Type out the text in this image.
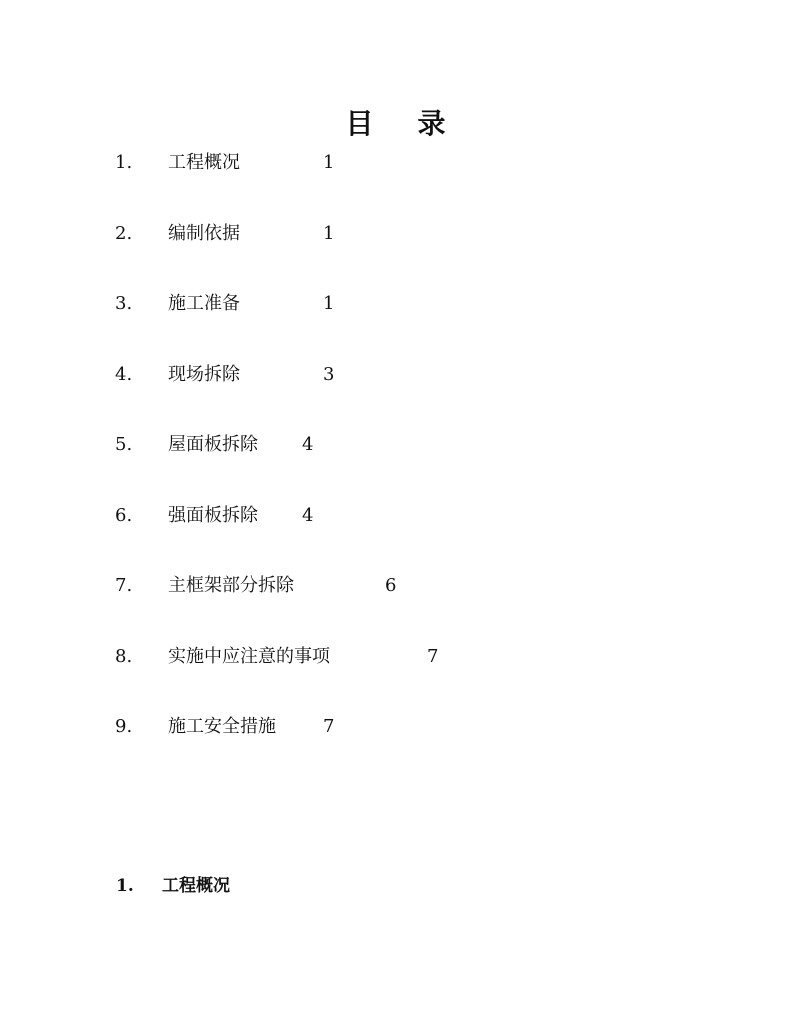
目 录
1. 工程概况	1
2. 编制依据	1
3. 施工准备	1
4. 现场拆除	3
5. 屋面板拆除 4
6. 强面板拆除 4
7. 主框架部分拆除	6
8. 实施中应注意的事项	7
9. 施工安全措施	7
1. 工程概况
